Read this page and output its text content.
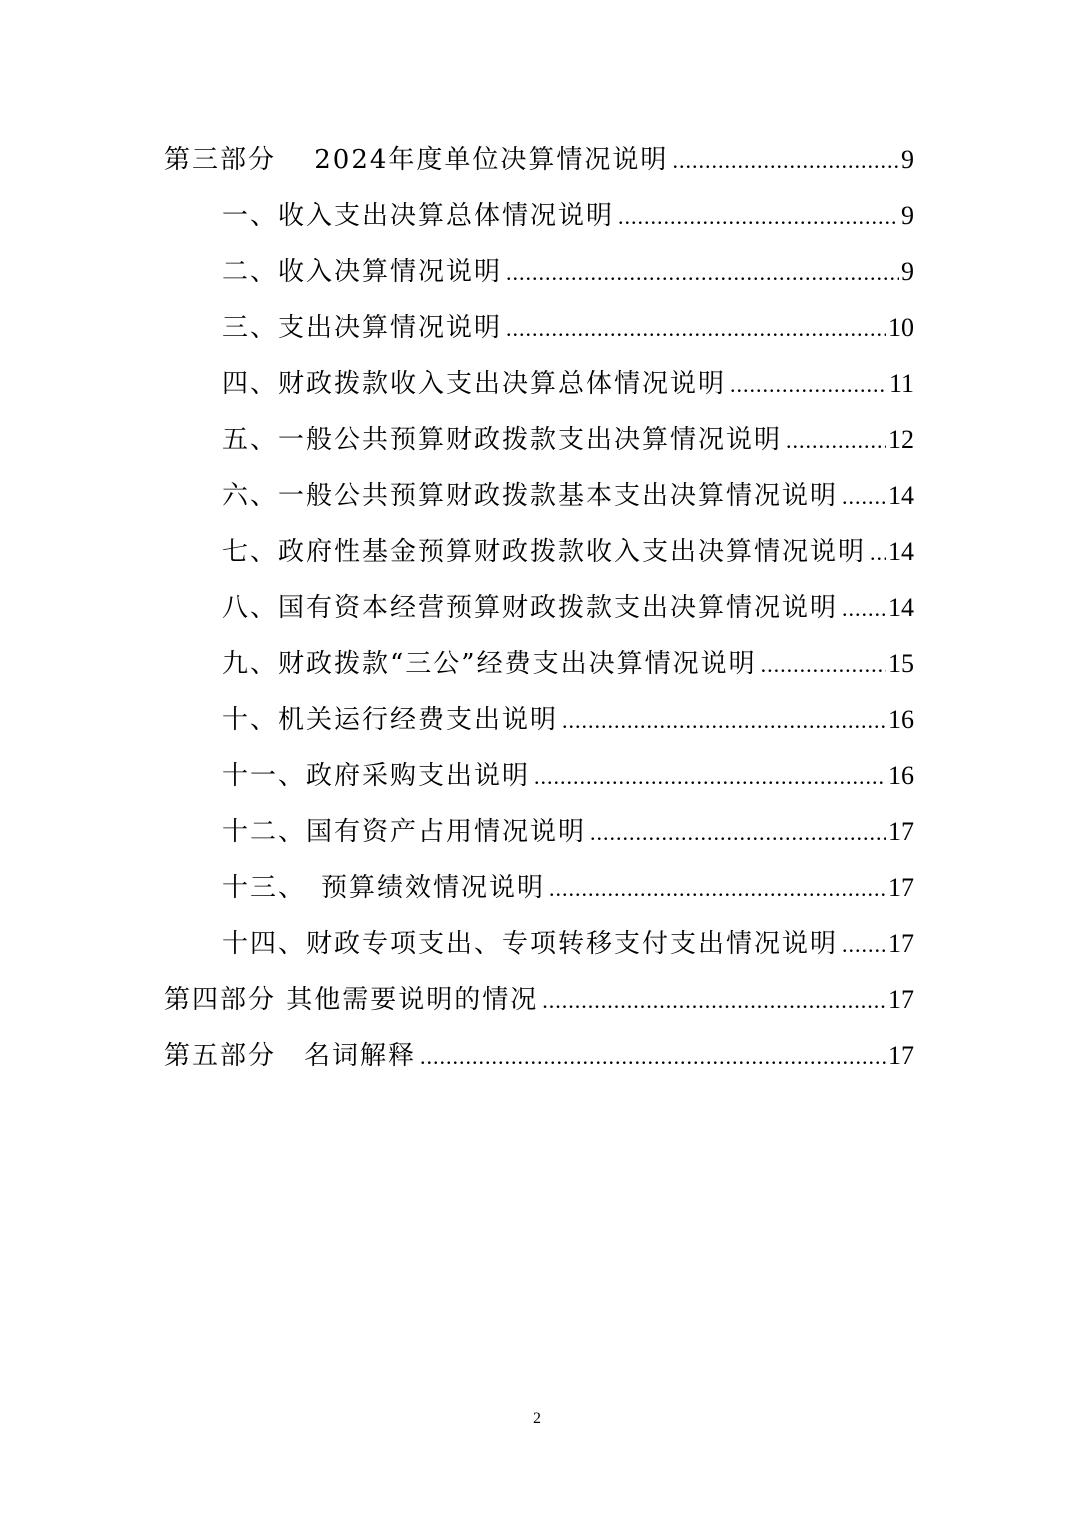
第三部分　 2024年度单位决算情况说明 .....	9
一、收入支出决算总体情况说明 .....	9
二、收入决算情况说明 .....	9
三、支出决算情况说明 .....	10
四、财政拨款收入支出决算总体情况说明 .....	11
五、一般公共预算财政拨款支出决算情况说明 .....	12
六、一般公共预算财政拨款基本支出决算情况说明 ..... 14
七、政府性基金预算财政拨款收入支出决算情况说明 ..... 14
八、国有资本经营预算财政拨款支出决算情况说明 ..... 14
九、财政拨款“三公”经费支出决算情况说明 .....	15
十、机关运行经费支出说明 .....	16
十一、政府采购支出说明 .....	16
十二、国有资产占用情况说明 .....	17
十三、　预算绩效情况说明 .....	17
十四、财政专项支出、专项转移支付支出情况说明 ..... 17
第四部分 其他需要说明的情况 .....	17
第五部分　名词解释 .....	17
2
